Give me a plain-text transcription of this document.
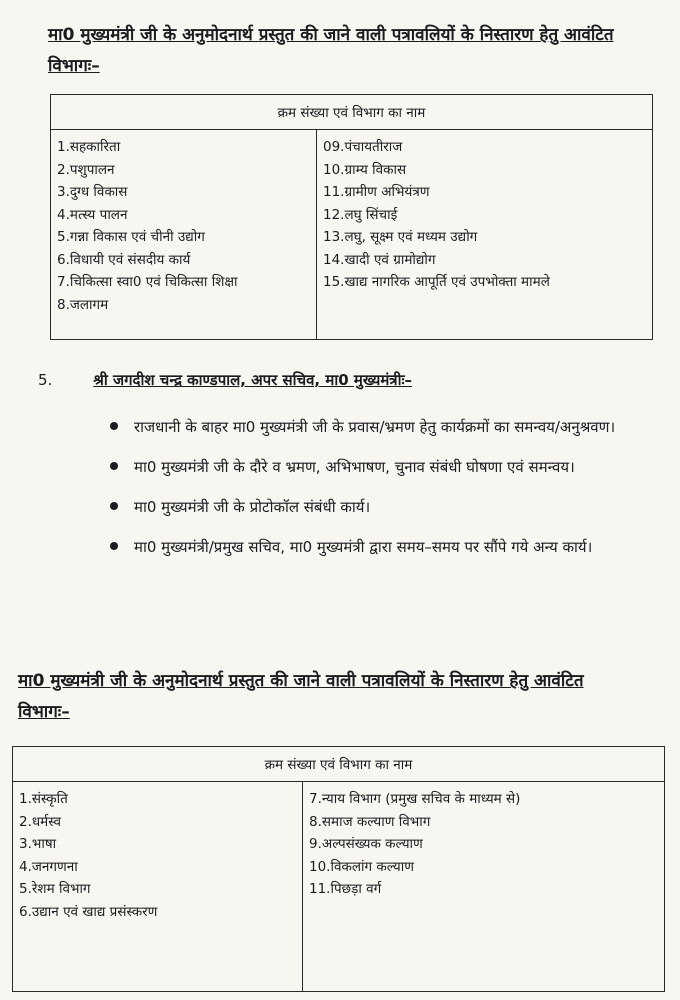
मा0 मुख्यमंत्री जी के अनुमोदनार्थ प्रस्तुत की जाने वाली पत्रावलियों के निस्तारण हेतु आवंटित
विभागः–
क्रम संख्या एवं विभाग का नाम

1.सहकारिता
2.पशुपालन
3.दुग्ध विकास
4.मत्स्य पालन
5.गन्ना विकास एवं चीनी उद्योग
6.विधायी एवं संसदीय कार्य
7.चिकित्सा स्वा0 एवं चिकित्सा शिक्षा
8.जलागम

09.पंचायतीराज
10.ग्राम्य विकास
11.ग्रामीण अभियंत्रण
12.लघु सिंचाई
13.लघु, सूक्ष्म एवं मध्यम उद्योग
14.खादी एवं ग्रामोद्योग
15.खाद्य नागरिक आपूर्ति एवं उपभोक्ता मामले
5.	श्री जगदीश चन्द्र काण्डपाल, अपर सचिव, मा0 मुख्यमंत्रीः–
राजधानी के बाहर मा0 मुख्यमंत्री जी के प्रवास/भ्रमण हेतु कार्यक्रमों का समन्वय/अनुश्रवण।
मा0 मुख्यमंत्री जी के दौरे व भ्रमण, अभिभाषण, चुनाव संबंधी घोषणा एवं समन्वय।
मा0 मुख्यमंत्री जी के प्रोटोकॉल संबंधी कार्य।
मा0 मुख्यमंत्री/प्रमुख सचिव, मा0 मुख्यमंत्री द्वारा समय–समय पर सौंपे गये अन्य कार्य।
मा0 मुख्यमंत्री जी के अनुमोदनार्थ प्रस्तुत की जाने वाली पत्रावलियों के निस्तारण हेतु आवंटित
विभागः–
क्रम संख्या एवं विभाग का नाम

1.संस्कृति
2.धर्मस्व
3.भाषा
4.जनगणना
5.रेशम विभाग
6.उद्यान एवं खाद्य प्रसंस्करण

7.न्याय विभाग (प्रमुख सचिव के माध्यम से)
8.समाज कल्याण विभाग
9.अल्पसंख्यक कल्याण
10.विकलांग कल्याण
11.पिछड़ा वर्ग
